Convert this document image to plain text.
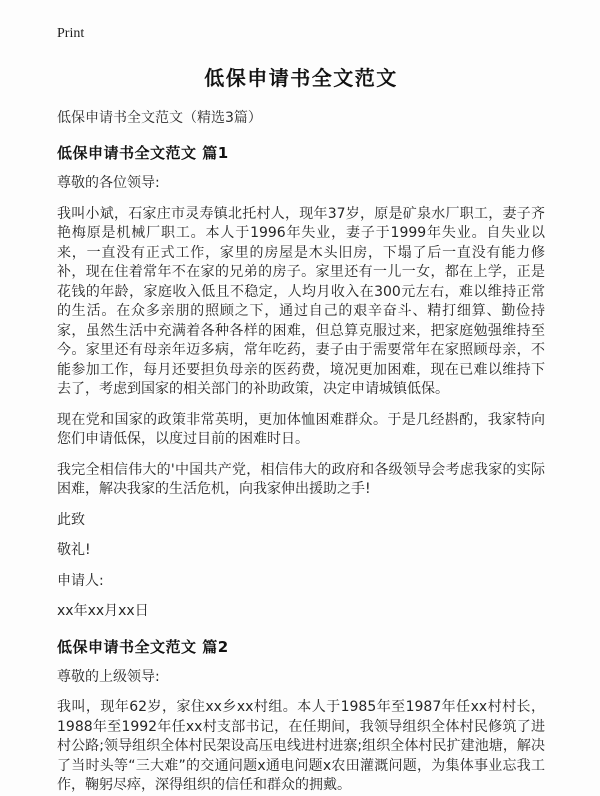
Print
低保申请书全文范文

低保申请书全文范文（精选3篇）

低保申请书全文范文 篇1

尊敬的各位领导:

我叫小斌，石家庄市灵寿镇北托村人，现年37岁，原是矿泉水厂职工，妻子齐艳梅原是机械厂职工。本人于1996年失业，妻子于1999年失业。自失业以来，一直没有正式工作，家里的房屋是木头旧房，下塌了后一直没有能力修补，现在住着常年不在家的兄弟的房子。家里还有一儿一女，都在上学，正是花钱的年龄，家庭收入低且不稳定，人均月收入在300元左右，难以维持正常的生活。在众多亲朋的照顾之下，通过自己的艰辛奋斗、精打细算、勤俭持家，虽然生活中充满着各种各样的困难，但总算克服过来，把家庭勉强维持至今。家里还有母亲年迈多病，常年吃药，妻子由于需要常年在家照顾母亲，不能参加工作，每月还要担负母亲的医药费，境况更加困难，现在已难以维持下去了，考虑到国家的相关部门的补助政策，决定申请城镇低保。

现在党和国家的政策非常英明，更加体恤困难群众。于是几经斟酌，我家特向您们申请低保，以度过目前的困难时日。

我完全相信伟大的'中国共产党，相信伟大的政府和各级领导会考虑我家的实际困难，解决我家的生活危机，向我家伸出援助之手!

此致

敬礼!

申请人:

xx年xx月xx日

低保申请书全文范文 篇2

尊敬的上级领导:

我叫，现年62岁，家住xx乡xx村组。本人于1985年至1987年任xx村村长，1988年至1992年任xx村支部书记，在任期间，我领导组织全体村民修筑了进村公路;领导组织全体村民架设高压电线进村进寨;组织全体村民扩建池塘，解决了当时头等“三大难”的交通问题x通电问题x农田灌溉问题，为集体事业忘我工作，鞠躬尽瘁，深得组织的信任和群众的拥戴。
